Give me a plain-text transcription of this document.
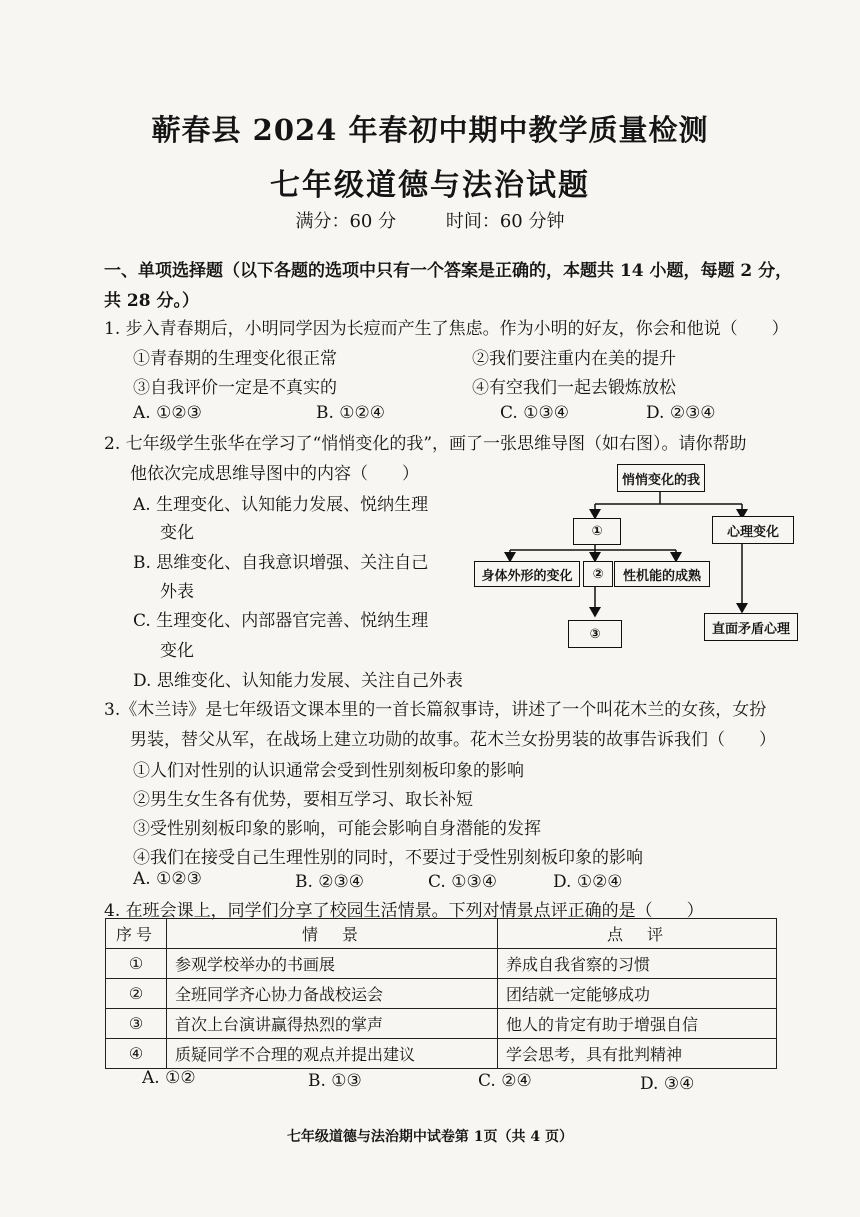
蕲春县 2024 年春初中期中教学质量检测
七年级道德与法治试题
满分：60 分	时间：60 分钟
一、单项选择题（以下各题的选项中只有一个答案是正确的，本题共 14 小题，每题 2 分，
共 28 分。）
1. 步入青春期后，小明同学因为长痘而产生了焦虑。作为小明的好友，你会和他说（　　）
①青春期的生理变化很正常	②我们要注重内在美的提升
③自我评价一定是不真实的	④有空我们一起去锻炼放松
A. ①②③	B. ①②④	C. ①③④	D. ②③④
2. 七年级学生张华在学习了“悄悄变化的我”，画了一张思维导图（如右图）。请你帮助
他依次完成思维导图中的内容（　　）
A. 生理变化、认知能力发展、悦纳生理
变化
B. 思维变化、自我意识增强、关注自己
外表
C. 生理变化、内部器官完善、悦纳生理
变化
D. 思维变化、认知能力发展、关注自己外表
悄悄变化的我
①	心理变化
身体外形的变化	②	性机能的成熟
③	直面矛盾心理
3.《木兰诗》是七年级语文课本里的一首长篇叙事诗，讲述了一个叫花木兰的女孩，女扮
男装，替父从军，在战场上建立功勋的故事。花木兰女扮男装的故事告诉我们（　　）
①人们对性别的认识通常会受到性别刻板印象的影响
②男生女生各有优势，要相互学习、取长补短
③受性别刻板印象的影响，可能会影响自身潜能的发挥
④我们在接受自己生理性别的同时，不要过于受性别刻板印象的影响
A. ①②③	B. ②③④	C. ①③④	D. ①②④
4. 在班会课上，同学们分享了校园生活情景。下列对情景点评正确的是（　　）
序号	情　景	点　评
①	参观学校举办的书画展	养成自我省察的习惯
②	全班同学齐心协力备战校运会	团结就一定能够成功
③	首次上台演讲赢得热烈的掌声	他人的肯定有助于增强自信
④	质疑同学不合理的观点并提出建议	学会思考，具有批判精神
A. ①②	B. ①③	C. ②④	D. ③④
七年级道德与法治期中试卷第 1页（共 4 页）
